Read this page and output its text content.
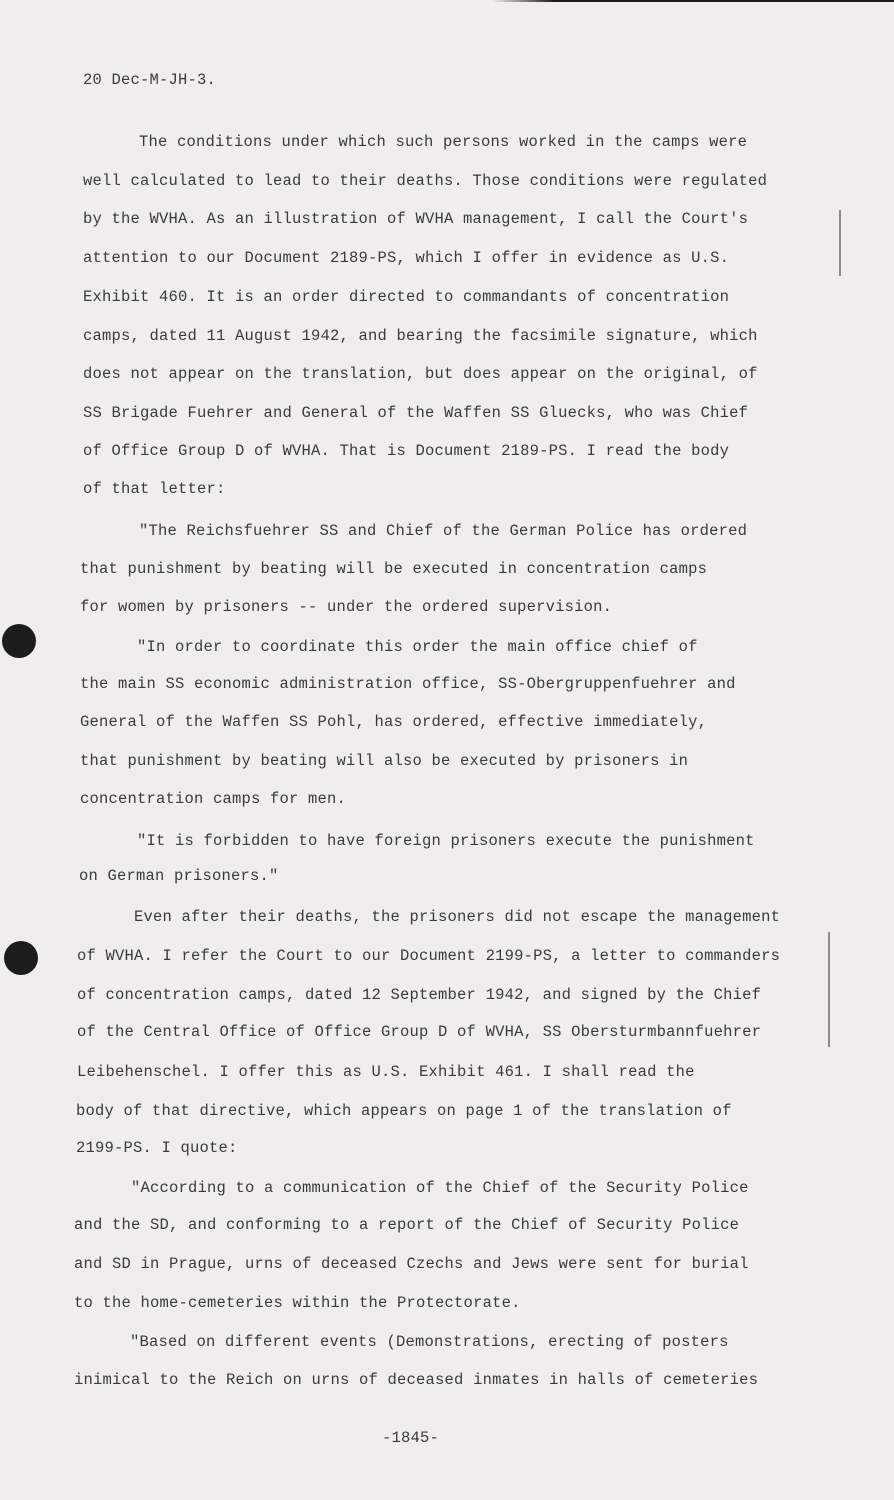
20 Dec-M-JH-3.
The conditions under which such persons worked in the camps were
well calculated to lead to their deaths. Those conditions were regulated
by the WVHA. As an illustration of WVHA management, I call the Court's
attention to our Document 2189-PS, which I offer in evidence as U.S.
Exhibit 460. It is an order directed to commandants of concentration
camps, dated 11 August 1942, and bearing the facsimile signature, which
does not appear on the translation, but does appear on the original, of
SS Brigade Fuehrer and General of the Waffen SS Gluecks, who was Chief
of Office Group D of WVHA. That is Document 2189-PS. I read the body
of that letter:
"The Reichsfuehrer SS and Chief of the German Police has ordered
that punishment by beating will be executed in concentration camps
for women by prisoners -- under the ordered supervision.
"In order to coordinate this order the main office chief of
the main SS economic administration office, SS-Obergruppenfuehrer and
General of the Waffen SS Pohl, has ordered, effective immediately,
that punishment by beating will also be executed by prisoners in
concentration camps for men.
"It is forbidden to have foreign prisoners execute the punishment
on German prisoners."
Even after their deaths, the prisoners did not escape the management
of WVHA. I refer the Court to our Document 2199-PS, a letter to commanders
of concentration camps, dated 12 September 1942, and signed by the Chief
of the Central Office of Office Group D of WVHA, SS Obersturmbannfuehrer
Leibehenschel. I offer this as U.S. Exhibit 461. I shall read the
body of that directive, which appears on page 1 of the translation of
2199-PS. I quote:
"According to a communication of the Chief of the Security Police
and the SD, and conforming to a report of the Chief of Security Police
and SD in Prague, urns of deceased Czechs and Jews were sent for burial
to the home-cemeteries within the Protectorate.
"Based on different events (Demonstrations, erecting of posters
inimical to the Reich on urns of deceased inmates in halls of cemeteries
-1845-
